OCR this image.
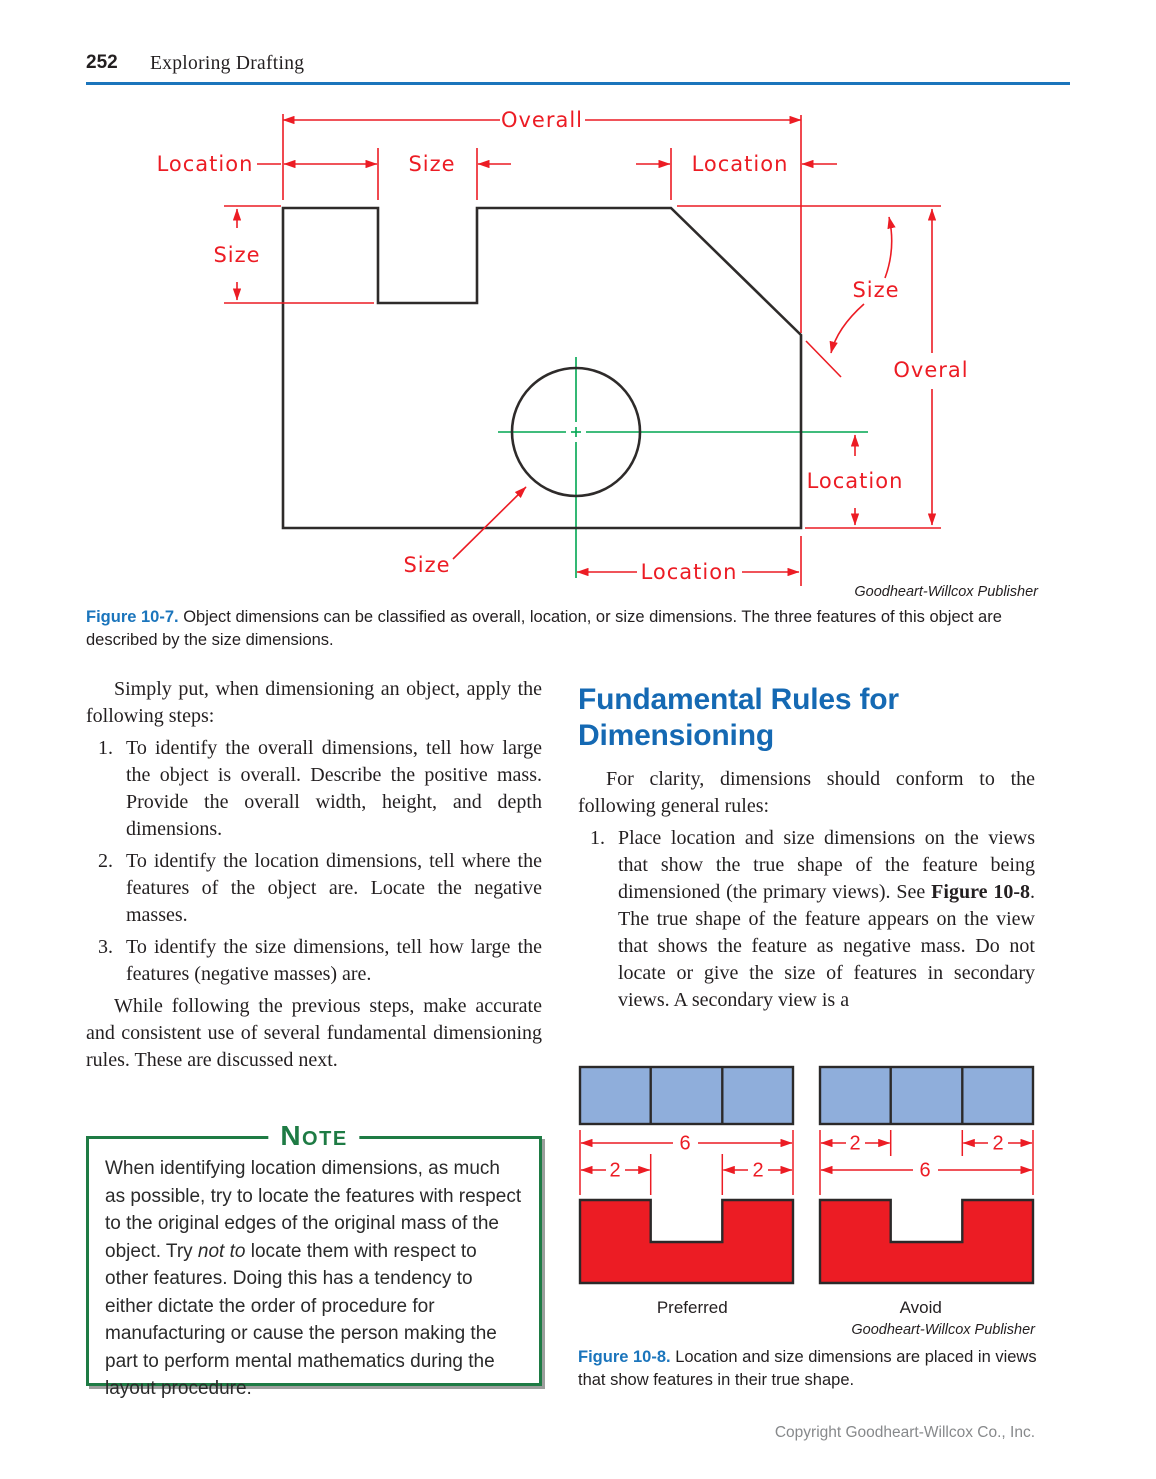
252 Exploring Drafting
Overall
Location	Size	Location
Size
Size
Overal
Location
Location
Size
Goodheart-Willcox Publisher
Figure 10-7. Object dimensions can be classified as overall, location, or size dimensions. The three features of this object are described by the size dimensions.

Simply put, when dimensioning an object, apply the following steps:

1. To identify the overall dimensions, tell how large the object is overall. Describe the positive mass. Provide the overall width, height, and depth dimensions.
2. To identify the location dimensions, tell where the features of the object are. Locate the negative masses.
3. To identify the size dimensions, tell how large the features (negative masses) are.

While following the previous steps, make accurate and consistent use of several fundamental dimensioning rules. These are discussed next.

Note
When identifying location dimensions, as much as possible, try to locate the features with respect to the original edges of the original mass of the object. Try not to locate them with respect to other features. Doing this has a tendency to either dictate the order of procedure for manufacturing or cause the person making the part to perform mental mathematics during the layout procedure.
Fundamental Rules for Dimensioning

For clarity, dimensions should conform to the following general rules:

1. Place location and size dimensions on the views that show the true shape of the feature being dimensioned (the primary views). See Figure 10-8. The true shape of the feature appears on the view that shows the feature as negative mass. Do not locate or give the size of features in secondary views. A secondary view is a
6
2	2
2	2
6
Preferred	Avoid
Goodheart-Willcox Publisher
Figure 10-8. Location and size dimensions are placed in views that show features in their true shape.
Copyright Goodheart-Willcox Co., Inc.
